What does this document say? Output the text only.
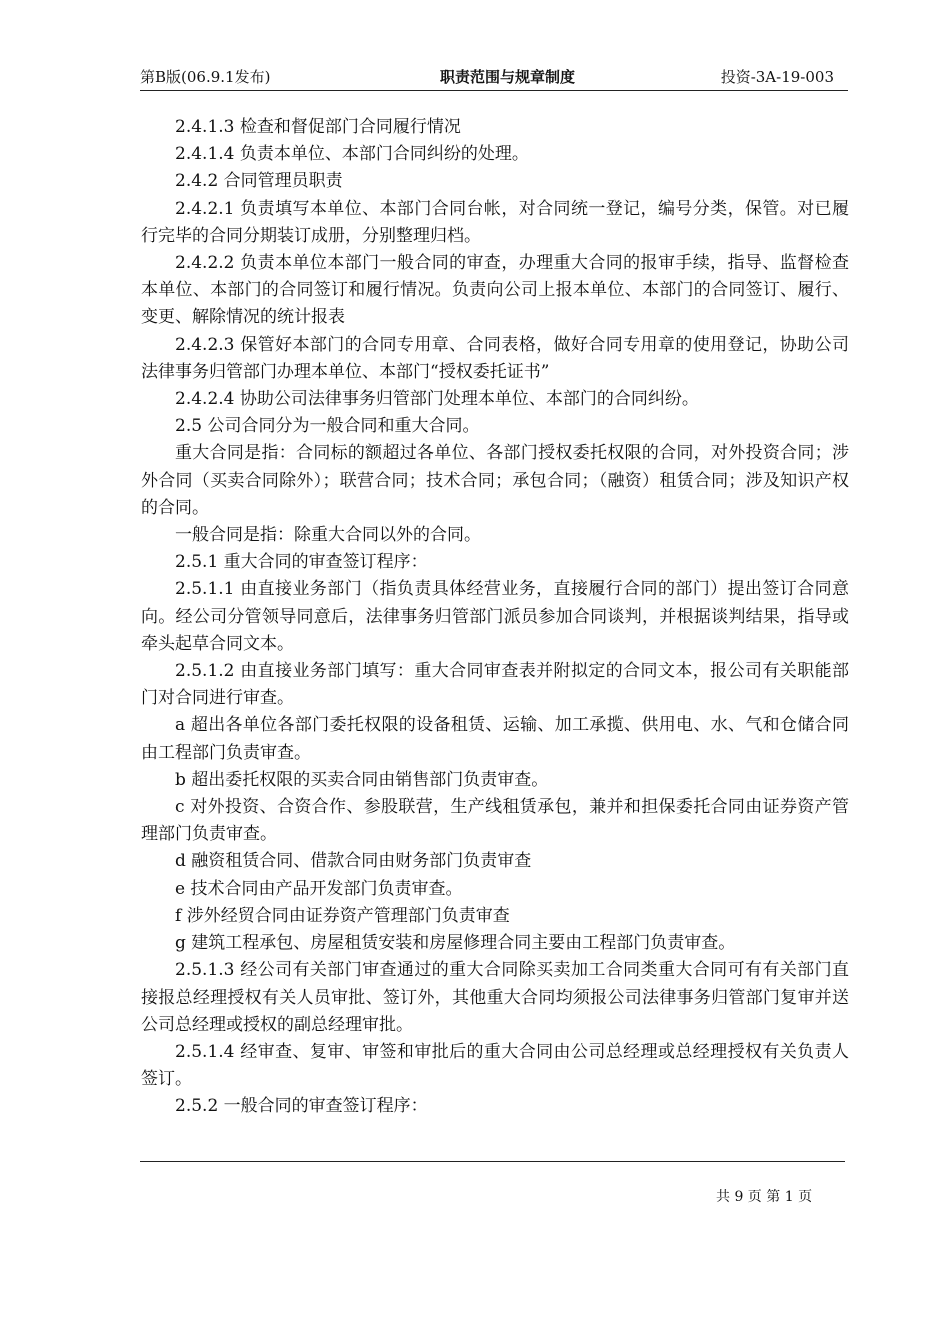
第B版(06.9.1发布)	职责范围与规章制度	投资-3A-19-003

2.4.1.3 检查和督促部门合同履行情况

2.4.1.4 负责本单位、本部门合同纠纷的处理。

2.4.2 合同管理员职责

2.4.2.1 负责填写本单位、本部门合同台帐，对合同统一登记，编号分类，保管。对已履行完毕的合同分期装订成册，分别整理归档。

2.4.2.2 负责本单位本部门一般合同的审查，办理重大合同的报审手续，指导、监督检查本单位、本部门的合同签订和履行情况。负责向公司上报本单位、本部门的合同签订、履行、变更、解除情况的统计报表

2.4.2.3 保管好本部门的合同专用章、合同表格，做好合同专用章的使用登记，协助公司法律事务归管部门办理本单位、本部门“授权委托证书”

2.4.2.4 协助公司法律事务归管部门处理本单位、本部门的合同纠纷。

2.5 公司合同分为一般合同和重大合同。

重大合同是指：合同标的额超过各单位、各部门授权委托权限的合同，对外投资合同；涉外合同（买卖合同除外）；联营合同；技术合同；承包合同；（融资）租赁合同；涉及知识产权的合同。

一般合同是指：除重大合同以外的合同。

2.5.1 重大合同的审查签订程序：

2.5.1.1 由直接业务部门（指负责具体经营业务，直接履行合同的部门）提出签订合同意向。经公司分管领导同意后，法律事务归管部门派员参加合同谈判，并根据谈判结果，指导或牵头起草合同文本。

2.5.1.2 由直接业务部门填写：重大合同审查表并附拟定的合同文本，报公司有关职能部门对合同进行审查。

a 超出各单位各部门委托权限的设备租赁、运输、加工承揽、供用电、水、气和仓储合同由工程部门负责审查。

b 超出委托权限的买卖合同由销售部门负责审查。

c 对外投资、合资合作、参股联营，生产线租赁承包，兼并和担保委托合同由证券资产管理部门负责审查。

d 融资租赁合同、借款合同由财务部门负责审查

e 技术合同由产品开发部门负责审查。

f 涉外经贸合同由证券资产管理部门负责审查

g 建筑工程承包、房屋租赁安装和房屋修理合同主要由工程部门负责审查。

2.5.1.3 经公司有关部门审查通过的重大合同除买卖加工合同类重大合同可有有关部门直接报总经理授权有关人员审批、签订外，其他重大合同均须报公司法律事务归管部门复审并送公司总经理或授权的副总经理审批。

2.5.1.4 经审查、复审、审签和审批后的重大合同由公司总经理或总经理授权有关负责人签订。

2.5.2 一般合同的审查签订程序：

共 9 页 第 1 页
